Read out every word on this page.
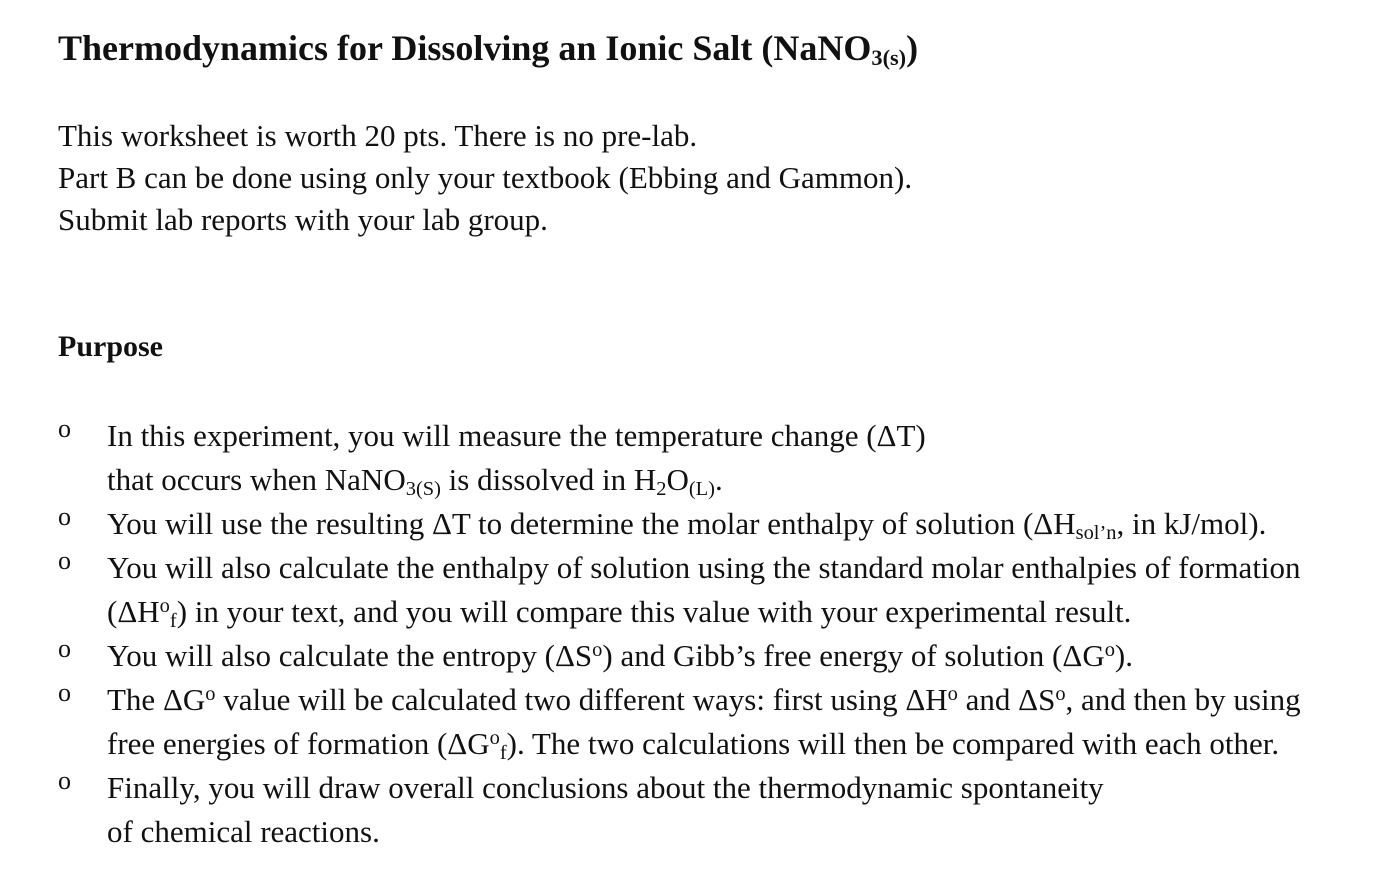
Thermodynamics for Dissolving an Ionic Salt (NaNO$_{3(s)}$)
This worksheet is worth 20 pts. There is no pre-lab.
Part B can be done using only your textbook (Ebbing and Gammon).
Submit lab reports with your lab group.
Purpose
o In this experiment, you will measure the temperature change (ΔT)
that occurs when NaNO$_{3(S)}$ is dissolved in $H_2O_{(L)}$.
o You will use the resulting ΔT to determine the molar enthalpy of solution ($\Delta H_{sol’n}$, in kJ/mol).
o You will also calculate the enthalpy of solution using the standard molar enthalpies of formation
$(\Delta H^o_f)$ in your text, and you will compare this value with your experimental result.
o You will also calculate the entropy $(\Delta S^o)$ and Gibb’s free energy of solution $(\Delta G^o)$.
o The $\Delta G^o$ value will be calculated two different ways: first using $\Delta H^o$ and $\Delta S^o$, and then by using
free energies of formation $(\Delta G^o_f)$. The two calculations will then be compared with each other.
o Finally, you will draw overall conclusions about the thermodynamic spontaneity
of chemical reactions.
